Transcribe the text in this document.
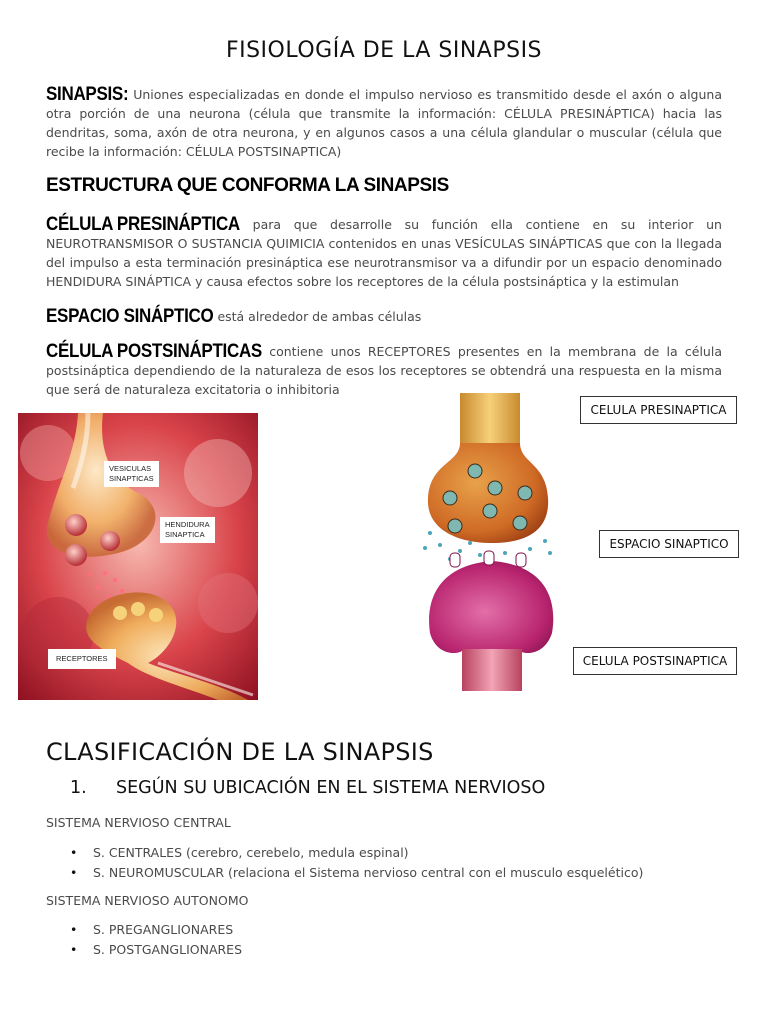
FISIOLOGÍA DE LA SINAPSIS
SINAPSIS: Uniones especializadas en donde el impulso nervioso es transmitido desde el axón o alguna otra porción de una neurona (célula que transmite la información: CÉLULA PRESINÁPTICA) hacia las dendritas, soma, axón de otra neurona, y en algunos casos a una célula glandular o muscular (célula que recibe la información: CÉLULA POSTSINAPTICA)
ESTRUCTURA QUE CONFORMA LA SINAPSIS
CÉLULA PRESINÁPTICA para que desarrolle su función ella contiene en su interior un NEUROTRANSMISOR O SUSTANCIA QUIMICIA contenidos en unas VESÍCULAS SINÁPTICAS que con la llegada del impulso a esta terminación presináptica ese neurotransmisor va a difundir por un espacio denominado HENDIDURA SINÁPTICA y causa efectos sobre los receptores de la célula postsináptica y la estimulan
ESPACIO SINÁPTICO está alrededor de ambas células
CÉLULA POSTSINÁPTICAS contiene unos RECEPTORES presentes en la membrana de la célula postsináptica dependiendo de la naturaleza de esos los receptores se obtendrá una respuesta en la misma que será de naturaleza excitatoria o inhibitoria
VESICULAS
SINAPTICAS
HENDIDURA
SINAPTICA
RECEPTORES
CELULA PRESINAPTICA
ESPACIO SINAPTICO
CELULA POSTSINAPTICA
CLASIFICACIÓN DE LA SINAPSIS
1. SEGÚN SU UBICACIÓN EN EL SISTEMA NERVIOSO
SISTEMA NERVIOSO CENTRAL
• S. CENTRALES (cerebro, cerebelo, medula espinal)
• S. NEUROMUSCULAR (relaciona el Sistema nervioso central con el musculo esquelético)
SISTEMA NERVIOSO AUTONOMO
• S. PREGANGLIONARES
• S. POSTGANGLIONARES
